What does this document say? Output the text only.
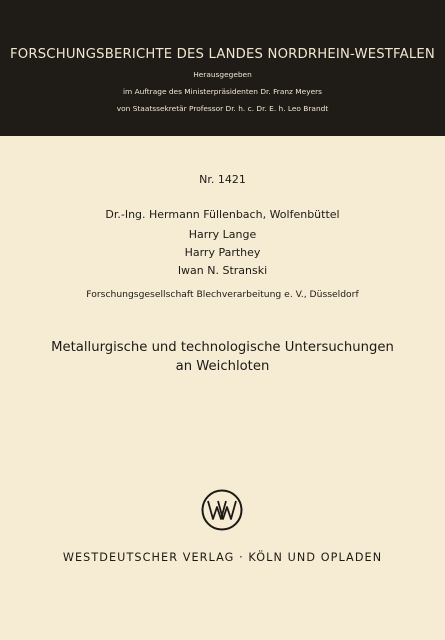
FORSCHUNGSBERICHTE DES LANDES NORDRHEIN-WESTFALEN
Herausgegeben
im Auftrage des Ministerpräsidenten Dr. Franz Meyers
von Staatssekretär Professor Dr. h. c. Dr. E. h. Leo Brandt
Nr. 1421
Dr.-Ing. Hermann Füllenbach, Wolfenbüttel
Harry Lange
Harry Parthey
Iwan N. Stranski
Forschungsgesellschaft Blechverarbeitung e. V., Düsseldorf
Metallurgische und technologische Untersuchungen
an Weichloten
WESTDEUTSCHER VERLAG · KÖLN UND OPLADEN
